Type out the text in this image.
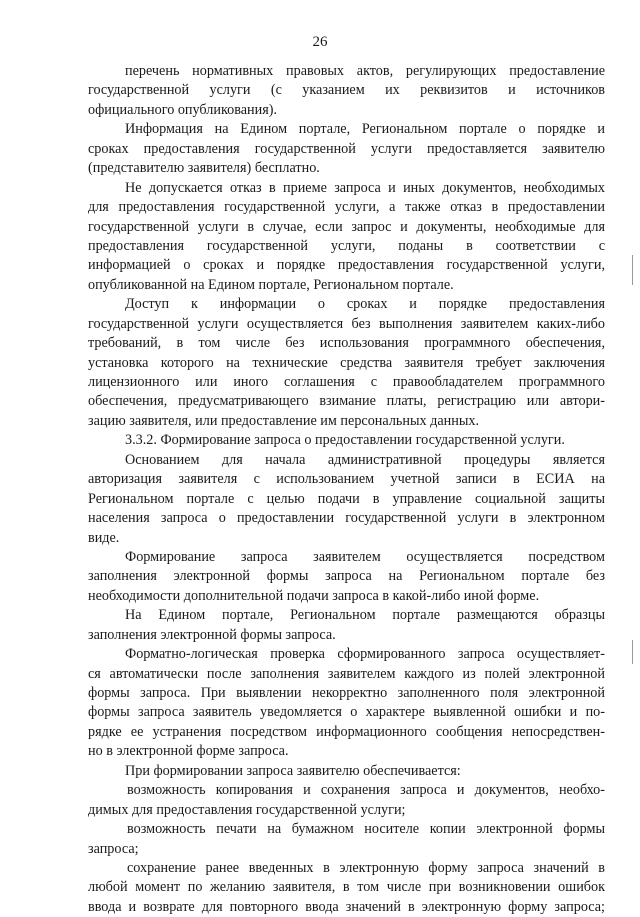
26
перечень нормативных правовых актов, регулирующих предоставление
государственной услуги (с указанием их реквизитов и источников
официального опубликования).
Информация на Едином портале, Региональном портале о порядке и
сроках предоставления государственной услуги предоставляется заявителю
(представителю заявителя) бесплатно.
Не допускается отказ в приеме запроса и иных документов, необходимых
для предоставления государственной услуги, а также отказ в предоставлении
государственной услуги в случае, если запрос и документы, необходимые для
предоставления государственной услуги, поданы в соответствии с
информацией о сроках и порядке предоставления государственной услуги,
опубликованной на Едином портале, Региональном портале.
Доступ к информации о сроках и порядке предоставления
государственной услуги осуществляется без выполнения заявителем каких-либо
требований, в том числе без использования программного обеспечения,
установка которого на технические средства заявителя требует заключения
лицензионного или иного соглашения с правообладателем программного
обеспечения, предусматривающего взимание платы, регистрацию или автори-
зацию заявителя, или предоставление им персональных данных.
3.3.2. Формирование запроса о предоставлении государственной услуги.
Основанием для начала административной процедуры является
авторизация заявителя с использованием учетной записи в ЕСИА на
Региональном портале с целью подачи в управление социальной защиты
населения запроса о предоставлении государственной услуги в электронном
виде.
Формирование запроса заявителем осуществляется посредством
заполнения электронной формы запроса на Региональном портале без
необходимости дополнительной подачи запроса в какой-либо иной форме.
На Едином портале, Региональном портале размещаются образцы
заполнения электронной формы запроса.
Форматно-логическая проверка сформированного запроса осуществляет-
ся автоматически после заполнения заявителем каждого из полей электронной
формы запроса. При выявлении некорректно заполненного поля электронной
формы запроса заявитель уведомляется о характере выявленной ошибки и по-
рядке ее устранения посредством информационного сообщения непосредствен-
но в электронной форме запроса.
При формировании запроса заявителю обеспечивается:
возможность копирования и сохранения запроса и документов, необхо-
димых для предоставления государственной услуги;
возможность печати на бумажном носителе копии электронной формы
запроса;
сохранение ранее введенных в электронную форму запроса значений в
любой момент по желанию заявителя, в том числе при возникновении ошибок
ввода и возврате для повторного ввода значений в электронную форму запроса;
